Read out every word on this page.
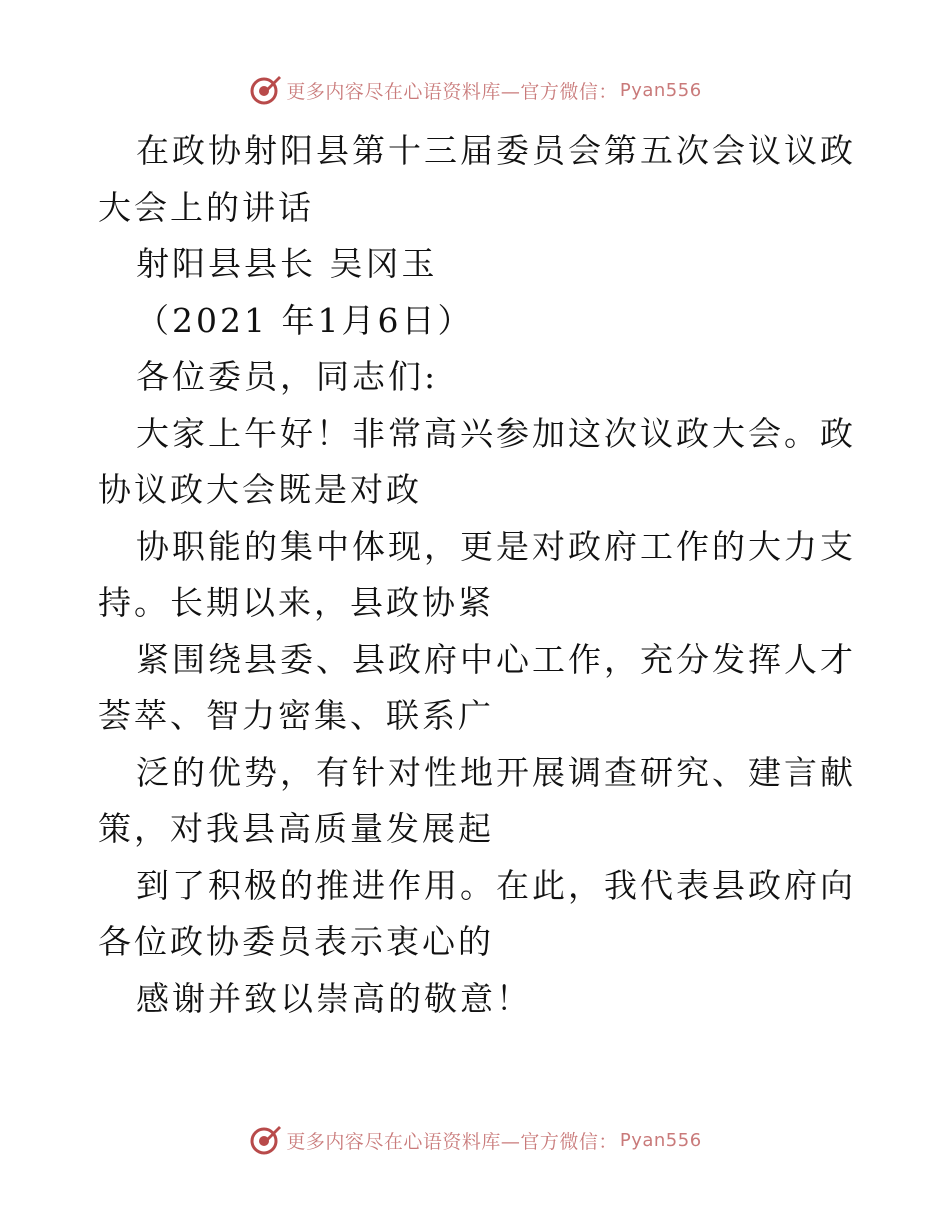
更多内容尽在心语资料库—官方微信： Pyan556

在政协射阳县第十三届委员会第五次会议议政大会上的讲话

射阳县县长 吴冈玉

（2021 年1月6日）

各位委员，同志们:

大家上午好！非常高兴参加这次议政大会。政协议政大会既是对政

协职能的集中体现，更是对政府工作的大力支持。长期以来，县政协紧

紧围绕县委、县政府中心工作，充分发挥人才荟萃、智力密集、联系广

泛的优势，有针对性地开展调查研究、建言献策，对我县高质量发展起

到了积极的推进作用。在此，我代表县政府向各位政协委员表示衷心的

感谢并致以崇高的敬意！

更多内容尽在心语资料库—官方微信： Pyan556
